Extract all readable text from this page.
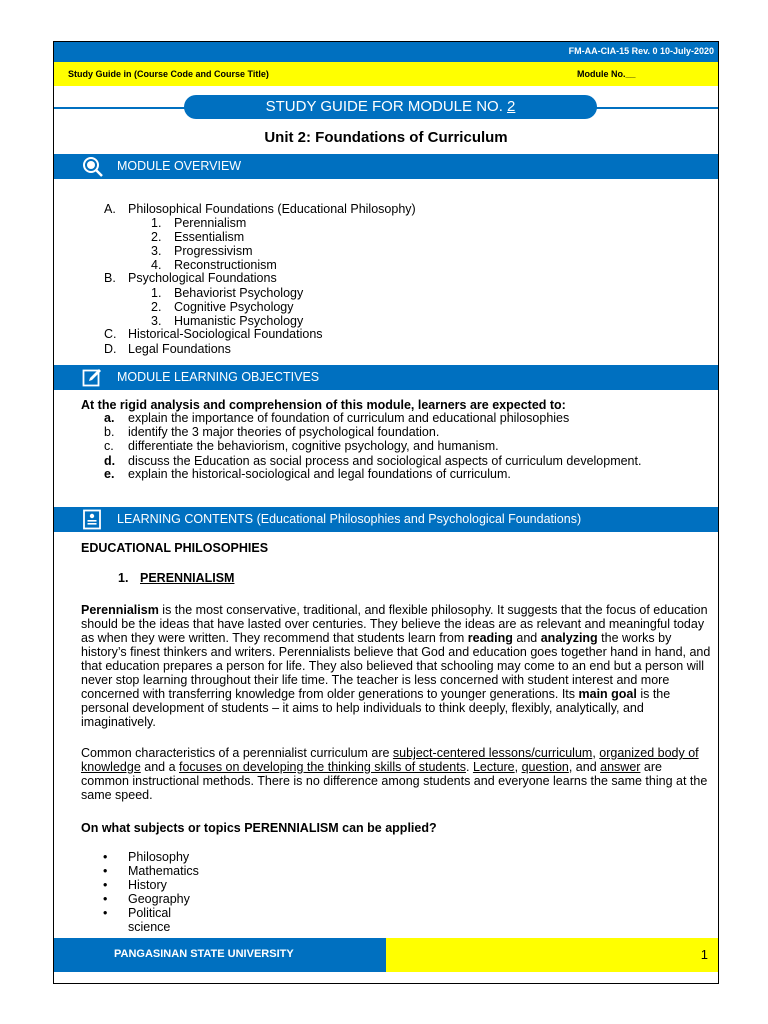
FM-AA-CIA-15 Rev. 0 10-July-2020
Study Guide in (Course Code and Course Title)	Module No.__
STUDY GUIDE FOR MODULE NO. 2
Unit 2: Foundations of Curriculum
MODULE OVERVIEW
A. Philosophical Foundations (Educational Philosophy)
1. Perennialism
2. Essentialism
3. Progressivism
4. Reconstructionism
B. Psychological Foundations
1. Behaviorist Psychology
2. Cognitive Psychology
3. Humanistic Psychology
C. Historical-Sociological Foundations
D. Legal Foundations
MODULE LEARNING OBJECTIVES
At the rigid analysis and comprehension of this module, learners are expected to:
a. explain the importance of foundation of curriculum and educational philosophies
b. identify the 3 major theories of psychological foundation.
c. differentiate the behaviorism, cognitive psychology, and humanism.
d. discuss the Education as social process and sociological aspects of curriculum development.
e. explain the historical-sociological and legal foundations of curriculum.
LEARNING CONTENTS (Educational Philosophies and Psychological Foundations)
EDUCATIONAL PHILOSOPHIES
1. PERENNIALISM

Perennialism is the most conservative, traditional, and flexible philosophy. It suggests that the focus of education should be the ideas that have lasted over centuries. They believe the ideas are as relevant and meaningful today as when they were written. They recommend that students learn from reading and analyzing the works by history’s finest thinkers and writers. Perennialists believe that God and education goes together hand in hand, and that education prepares a person for life. They also believed that schooling may come to an end but a person will never stop learning throughout their life time. The teacher is less concerned with student interest and more concerned with transferring knowledge from older generations to younger generations. Its main goal is the personal development of students – it aims to help individuals to think deeply, flexibly, analytically, and imaginatively.

Common characteristics of a perennialist curriculum are subject-centered lessons/curriculum, organized body of knowledge and a focuses on developing the thinking skills of students. Lecture, question, and answer are common instructional methods. There is no difference among students and everyone learns the same thing at the same speed.

On what subjects or topics PERENNIALISM can be applied?
• Philosophy
• Mathematics
• History
• Geography
• Political science
PANGASINAN STATE UNIVERSITY	1
